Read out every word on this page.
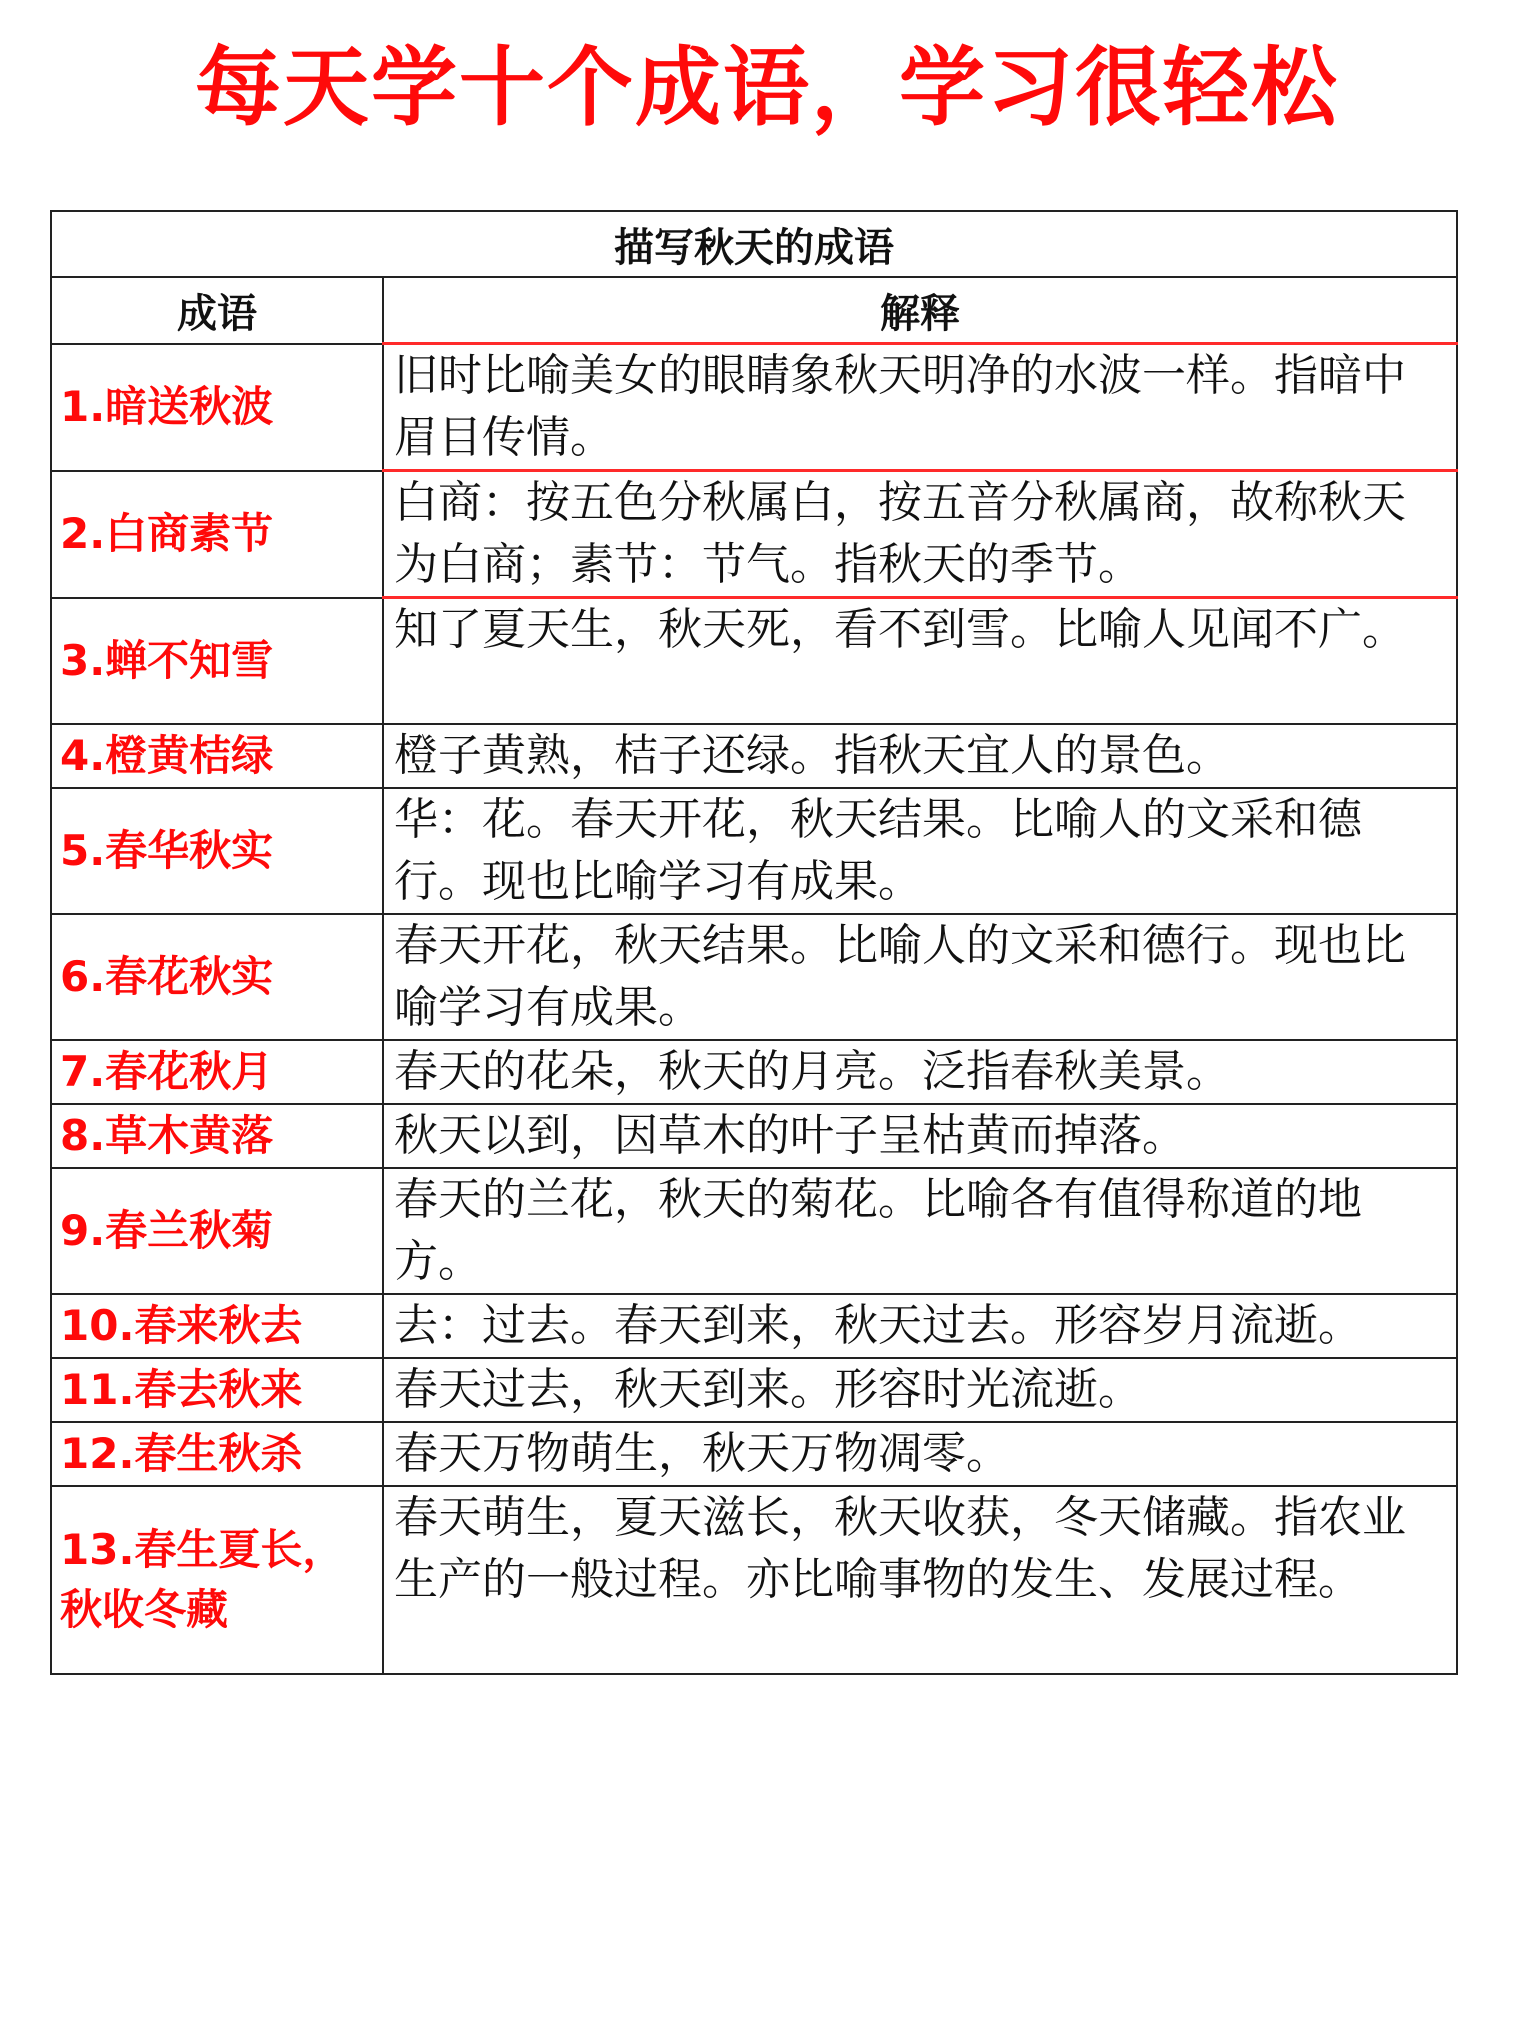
每天学十个成语，学习很轻松
描写秋天的成语	
成语	解释
1.暗送秋波	旧时比喻美女的眼睛象秋天明净的水波一样。指暗中眉目传情。
2.白商素节	白商：按五色分秋属白，按五音分秋属商，故称秋天为白商；素节：节气。指秋天的季节。
3.蝉不知雪	知了夏天生，秋天死，看不到雪。比喻人见闻不广。
4.橙黄桔绿	橙子黄熟，桔子还绿。指秋天宜人的景色。
5.春华秋实	华：花。春天开花，秋天结果。比喻人的文采和德行。现也比喻学习有成果。
6.春花秋实	春天开花，秋天结果。比喻人的文采和德行。现也比喻学习有成果。
7.春花秋月	春天的花朵，秋天的月亮。泛指春秋美景。
8.草木黄落	秋天以到，因草木的叶子呈枯黄而掉落。
9.春兰秋菊	春天的兰花，秋天的菊花。比喻各有值得称道的地方。
10.春来秋去	去：过去。春天到来，秋天过去。形容岁月流逝。
11.春去秋来	春天过去，秋天到来。形容时光流逝。
12.春生秋杀	春天万物萌生，秋天万物凋零。
13.春生夏长，秋收冬藏	春天萌生，夏天滋长，秋天收获，冬天储藏。指农业生产的一般过程。亦比喻事物的发生、发展过程。
